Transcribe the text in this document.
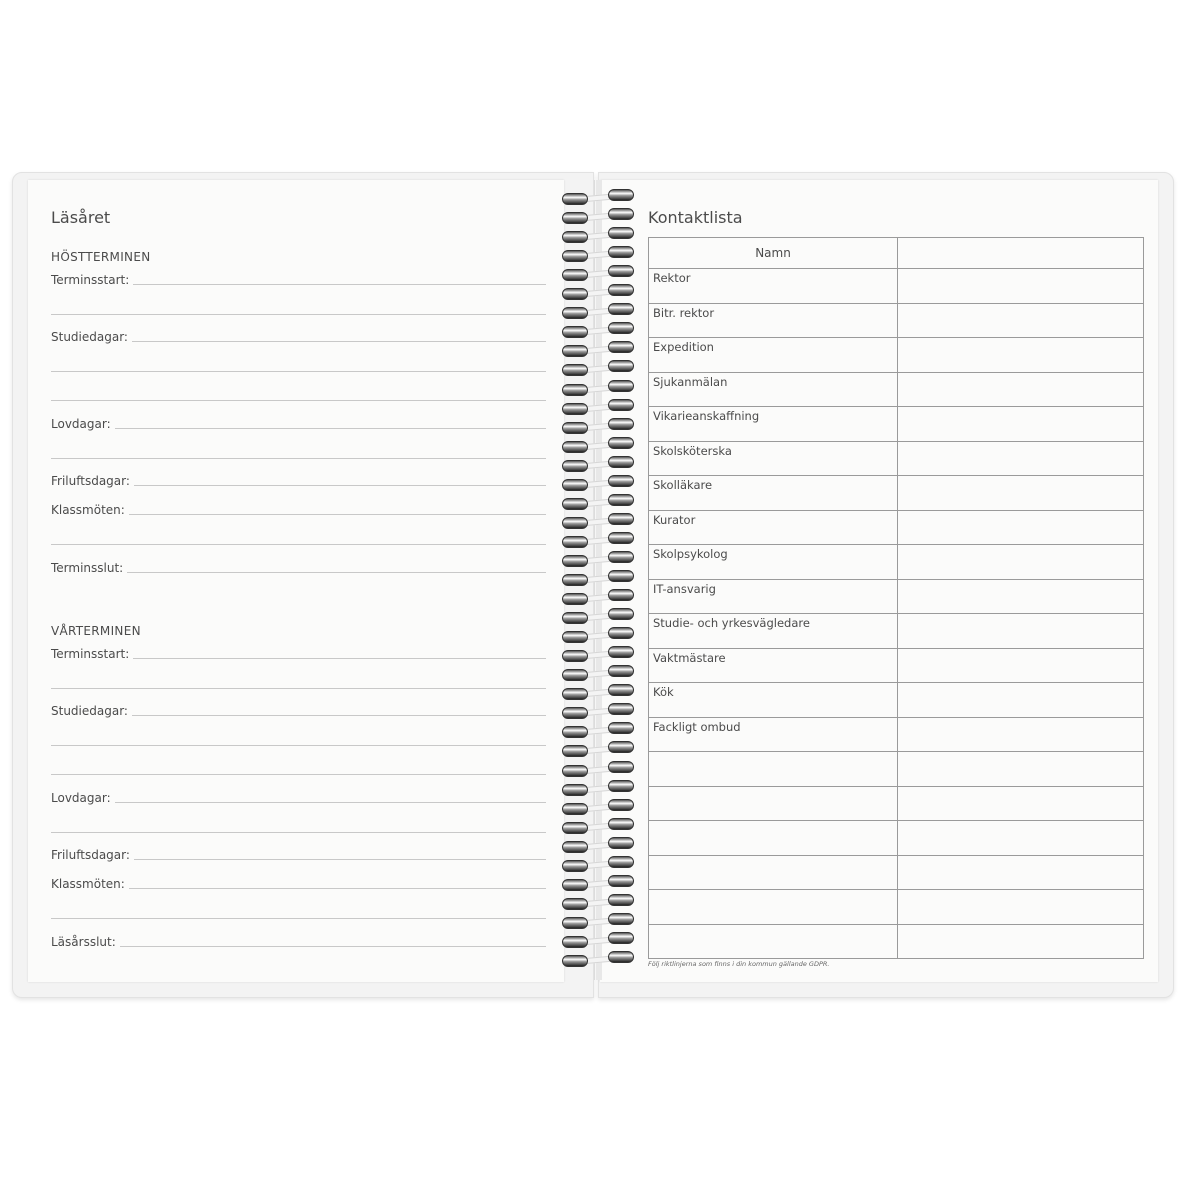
Läsåret
HÖSTTERMINEN
Terminsstart:
Studiedagar:
Lovdagar:
Friluftsdagar:
Klassmöten:
Terminsslut:
VÅRTERMINEN
Terminsstart:
Studiedagar:
Lovdagar:
Friluftsdagar:
Klassmöten:
Läsårsslut:
Kontaktlista
Namn	

Rektor	

Bitr. rektor	

Expedition	

Sjukanmälan	

Vikarieanskaffning	

Skolsköterska	

Skolläkare	

Kurator	

Skolpsykolog	

IT-ansvarig	

Studie- och yrkesvägledare	

Vaktmästare	

Kök	

Fackligt ombud	

Följ riktlinjerna som finns i din kommun gällande GDPR.
